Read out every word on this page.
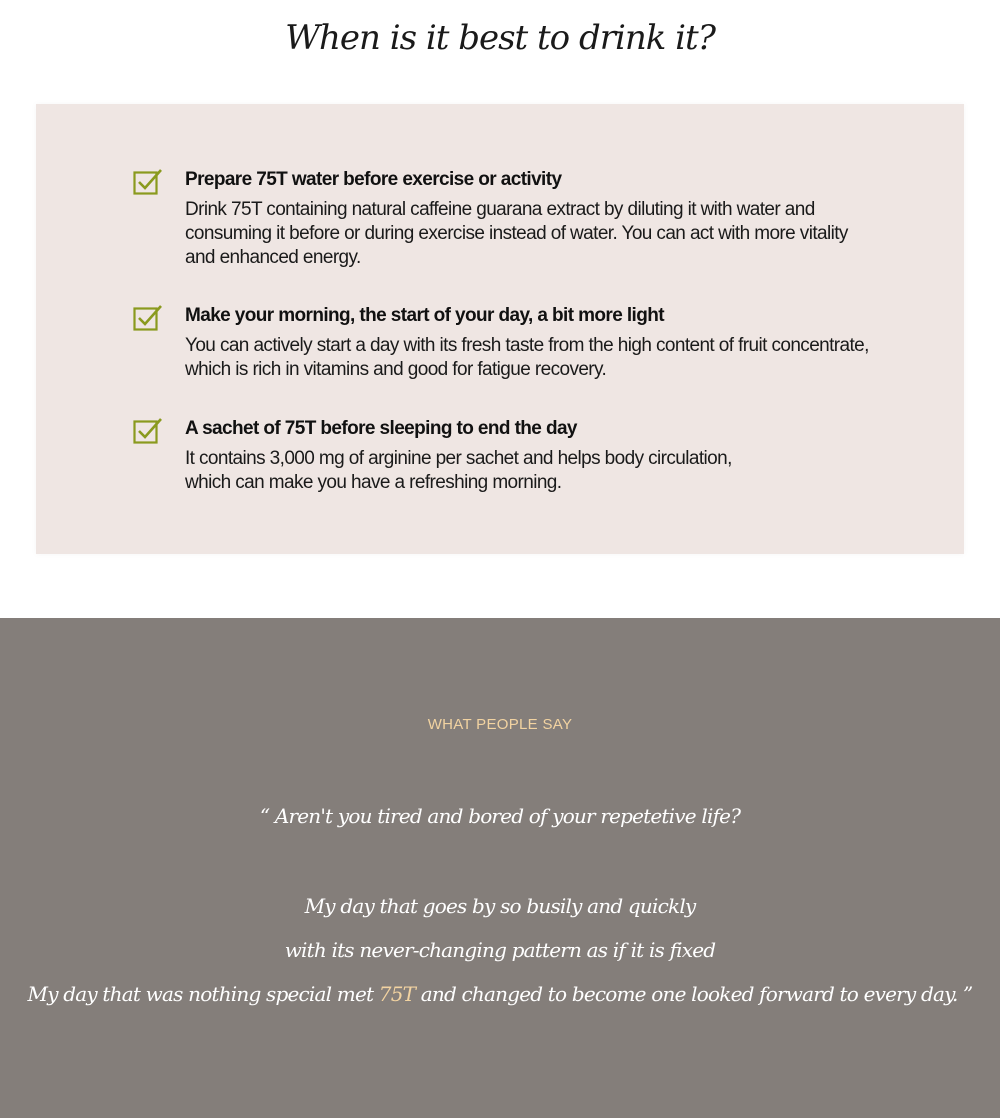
When is it best to drink it?

Prepare 75T water before exercise or activity

Drink 75T containing natural caffeine guarana extract by diluting it with water and
consuming it before or during exercise instead of water. You can act with more vitality
and enhanced energy.

Make your morning, the start of your day, a bit more light

You can actively start a day with its fresh taste from the high content of fruit concentrate,
which is rich in vitamins and good for fatigue recovery.

A sachet of 75T before sleeping to end the day

It contains 3,000 mg of arginine per sachet and helps body circulation,
which can make you have a refreshing morning.

WHAT PEOPLE SAY

“ Aren't you tired and bored of your repetetive life?

My day that goes by so busily and quickly

with its never-changing pattern as if it is fixed

My day that was nothing special met 75T and changed to become one looked forward to every day. ”
